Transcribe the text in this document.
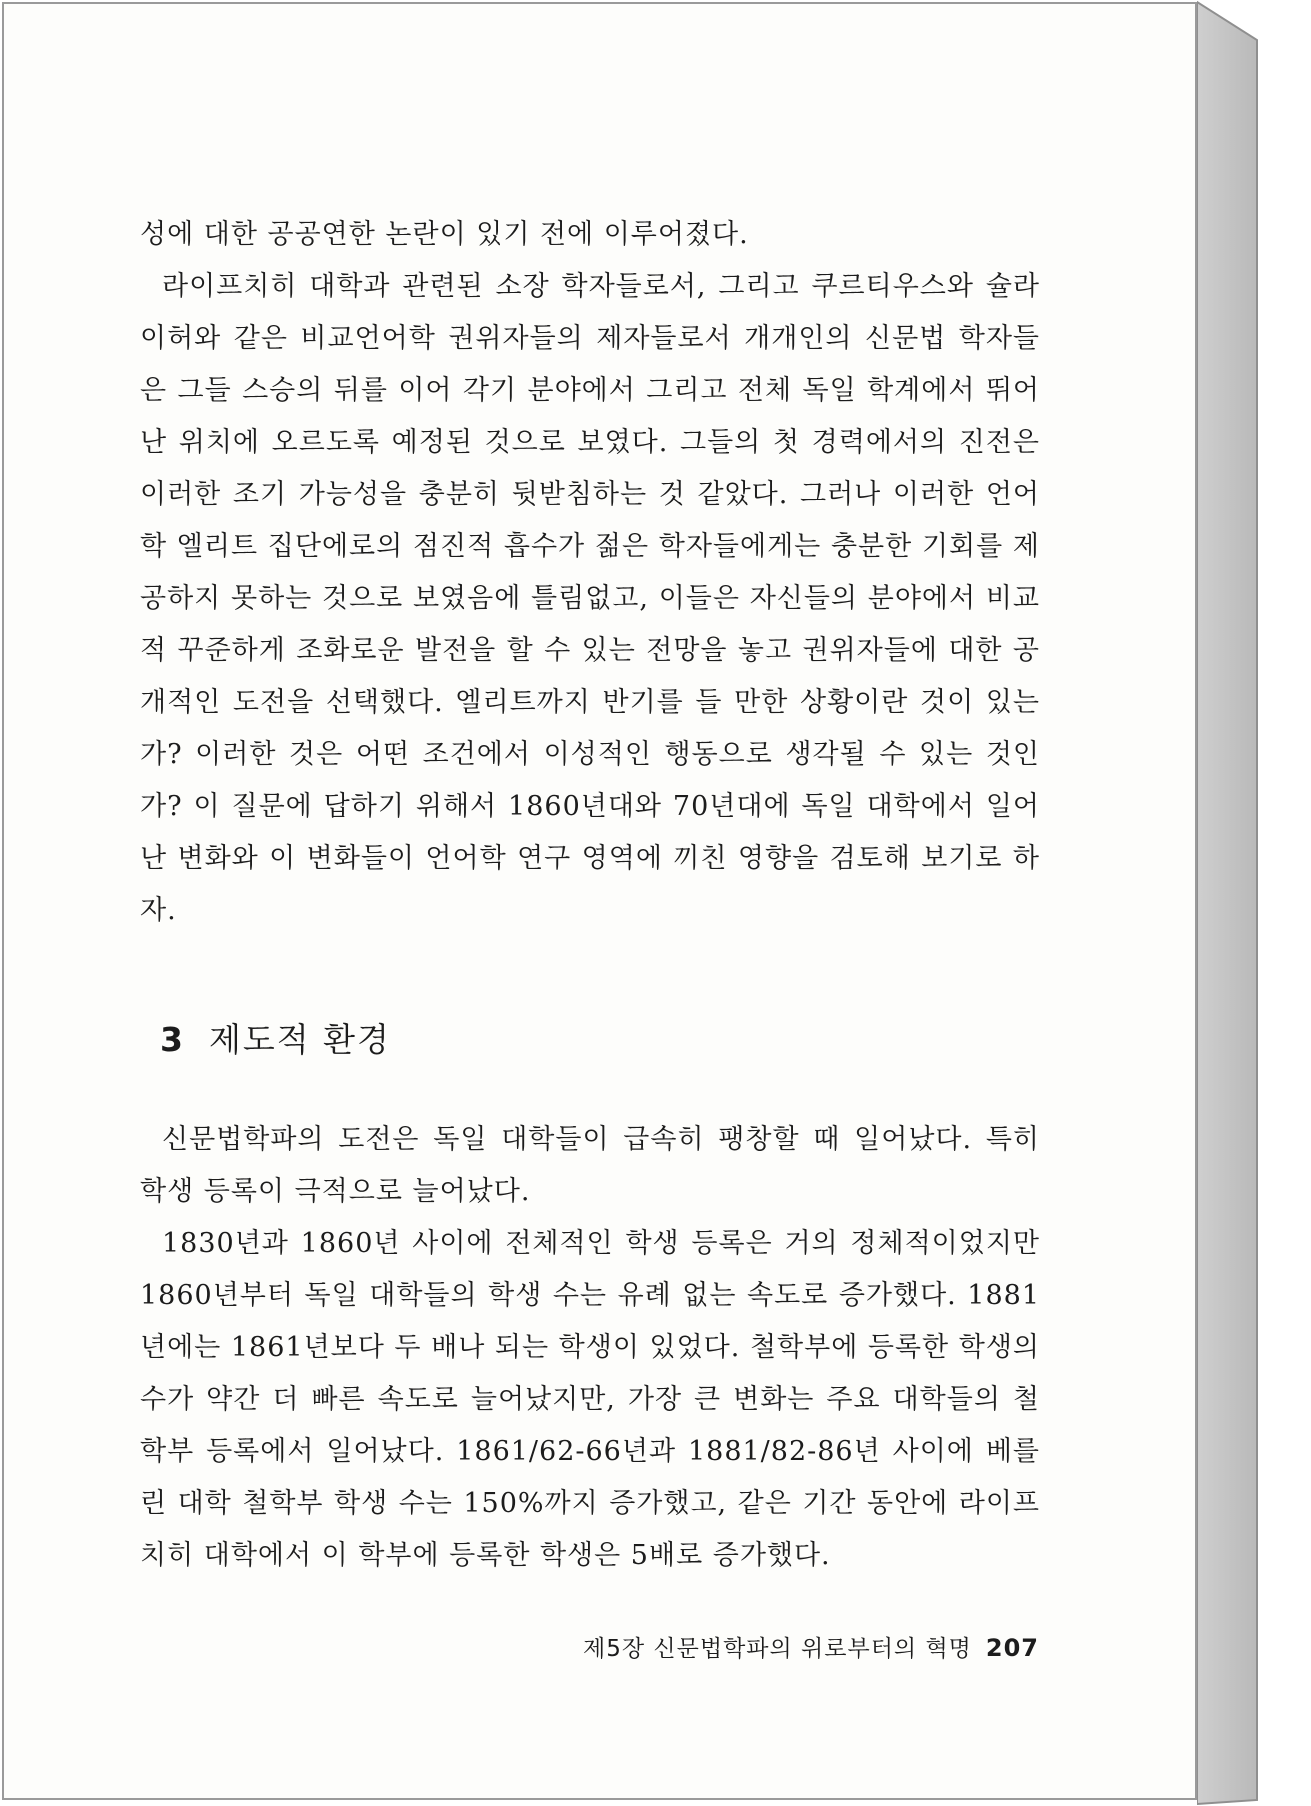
성에 대한 공공연한 논란이 있기 전에 이루어졌다.

라이프치히 대학과 관련된 소장 학자들로서, 그리고 쿠르티우스와 슐라이허와 같은 비교언어학 권위자들의 제자들로서 개개인의 신문법 학자들은 그들 스승의 뒤를 이어 각기 분야에서 그리고 전체 독일 학계에서 뛰어난 위치에 오르도록 예정된 것으로 보였다. 그들의 첫 경력에서의 진전은 이러한 조기 가능성을 충분히 뒷받침하는 것 같았다. 그러나 이러한 언어학 엘리트 집단에로의 점진적 흡수가 젊은 학자들에게는 충분한 기회를 제공하지 못하는 것으로 보였음에 틀림없고, 이들은 자신들의 분야에서 비교적 꾸준하게 조화로운 발전을 할 수 있는 전망을 놓고 권위자들에 대한 공개적인 도전을 선택했다. 엘리트까지 반기를 들 만한 상황이란 것이 있는가? 이러한 것은 어떤 조건에서 이성적인 행동으로 생각될 수 있는 것인가? 이 질문에 답하기 위해서 1860년대와 70년대에 독일 대학에서 일어난 변화와 이 변화들이 언어학 연구 영역에 끼친 영향을 검토해 보기로 하자.

3 제도적 환경

신문법학파의 도전은 독일 대학들이 급속히 팽창할 때 일어났다. 특히 학생 등록이 극적으로 늘어났다.

1830년과 1860년 사이에 전체적인 학생 등록은 거의 정체적이었지만 1860년부터 독일 대학들의 학생 수는 유례 없는 속도로 증가했다. 1881년에는 1861년보다 두 배나 되는 학생이 있었다. 철학부에 등록한 학생의 수가 약간 더 빠른 속도로 늘어났지만, 가장 큰 변화는 주요 대학들의 철학부 등록에서 일어났다. 1861/62-66년과 1881/82-86년 사이에 베를린 대학 철학부 학생 수는 150%까지 증가했고, 같은 기간 동안에 라이프치히 대학에서 이 학부에 등록한 학생은 5배로 증가했다.

제5장 신문법학파의 위로부터의 혁명 207
